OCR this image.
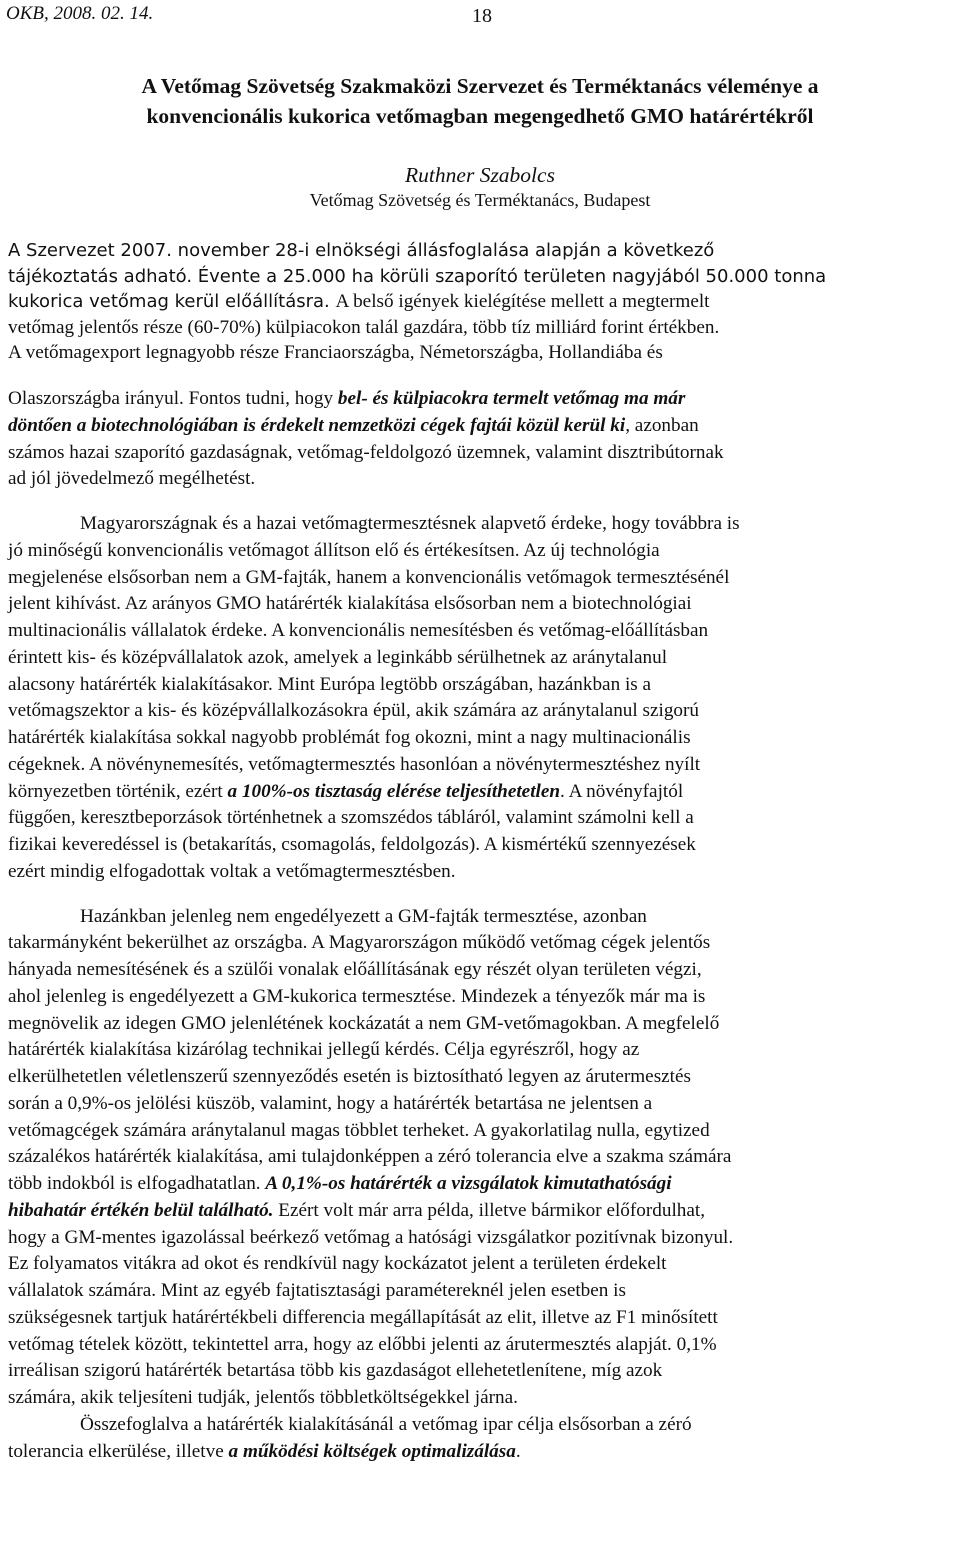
OKB, 2008. 02. 14.	18
A Vetőmag Szövetség Szakmaközi Szervezet és Terméktanács véleménye a
konvencionális kukorica vetőmagban megengedhető GMO határértékről
Ruthner Szabolcs
Vetőmag Szövetség és Terméktanács, Budapest
A Szervezet 2007. november 28-i elnökségi állásfoglalása alapján a következő
tájékoztatás adható. Évente a 25.000 ha körüli szaporító területen nagyjából 50.000 tonna
kukorica vetőmag kerül előállításra. A belső igények kielégítése mellett a megtermelt
vetőmag jelentős része (60-70%) külpiacokon talál gazdára, több tíz milliárd forint értékben.
A vetőmagexport legnagyobb része Franciaországba, Németországba, Hollandiába és
Olaszországba irányul. Fontos tudni, hogy bel- és külpiacokra termelt vetőmag ma már
döntően a biotechnológiában is érdekelt nemzetközi cégek fajtái közül kerül ki, azonban
számos hazai szaporító gazdaságnak, vetőmag-feldolgozó üzemnek, valamint disztribútornak
ad jól jövedelmező megélhetést.
Magyarországnak és a hazai vetőmagtermesztésnek alapvető érdeke, hogy továbbra is
jó minőségű konvencionális vetőmagot állítson elő és értékesítsen. Az új technológia
megjelenése elsősorban nem a GM-fajták, hanem a konvencionális vetőmagok termesztésénél
jelent kihívást. Az arányos GMO határérték kialakítása elsősorban nem a biotechnológiai
multinacionális vállalatok érdeke. A konvencionális nemesítésben és vetőmag-előállításban
érintett kis- és középvállalatok azok, amelyek a leginkább sérülhetnek az aránytalanul
alacsony határérték kialakításakor. Mint Európa legtöbb országában, hazánkban is a
vetőmagszektor a kis- és középvállalkozásokra épül, akik számára az aránytalanul szigorú
határérték kialakítása sokkal nagyobb problémát fog okozni, mint a nagy multinacionális
cégeknek. A növénynemesítés, vetőmagtermesztés hasonlóan a növénytermesztéshez nyílt
környezetben történik, ezért a 100%-os tisztaság elérése teljesíthetetlen. A növényfajtól
függően, keresztbeporzások történhetnek a szomszédos tábláról, valamint számolni kell a
fizikai keveredéssel is (betakarítás, csomagolás, feldolgozás). A kismértékű szennyezések
ezért mindig elfogadottak voltak a vetőmagtermesztésben.
Hazánkban jelenleg nem engedélyezett a GM-fajták termesztése, azonban
takarmányként bekerülhet az országba. A Magyarországon működő vetőmag cégek jelentős
hányada nemesítésének és a szülői vonalak előállításának egy részét olyan területen végzi,
ahol jelenleg is engedélyezett a GM-kukorica termesztése. Mindezek a tényezők már ma is
megnövelik az idegen GMO jelenlétének kockázatát a nem GM-vetőmagokban. A megfelelő
határérték kialakítása kizárólag technikai jellegű kérdés. Célja egyrészről, hogy az
elkerülhetetlen véletlenszerű szennyeződés esetén is biztosítható legyen az árutermesztés
során a 0,9%-os jelölési küszöb, valamint, hogy a határérték betartása ne jelentsen a
vetőmagcégek számára aránytalanul magas többlet terheket. A gyakorlatilag nulla, egytized
százalékos határérték kialakítása, ami tulajdonképpen a zéró tolerancia elve a szakma számára
több indokból is elfogadhatatlan. A 0,1%-os határérték a vizsgálatok kimutathatósági
hibahatár értékén belül található. Ezért volt már arra példa, illetve bármikor előfordulhat,
hogy a GM-mentes igazolással beérkező vetőmag a hatósági vizsgálatkor pozitívnak bizonyul.
Ez folyamatos vitákra ad okot és rendkívül nagy kockázatot jelent a területen érdekelt
vállalatok számára. Mint az egyéb fajtatisztasági paramétereknél jelen esetben is
szükségesnek tartjuk határértékbeli differencia megállapítását az elit, illetve az F1 minősített
vetőmag tételek között, tekintettel arra, hogy az előbbi jelenti az árutermesztés alapját. 0,1%
irreálisan szigorú határérték betartása több kis gazdaságot ellehetetlenítene, míg azok
számára, akik teljesíteni tudják, jelentős többletköltségekkel járna.
Összefoglalva a határérték kialakításánál a vetőmag ipar célja elsősorban a zéró
tolerancia elkerülése, illetve a működési költségek optimalizálása.
